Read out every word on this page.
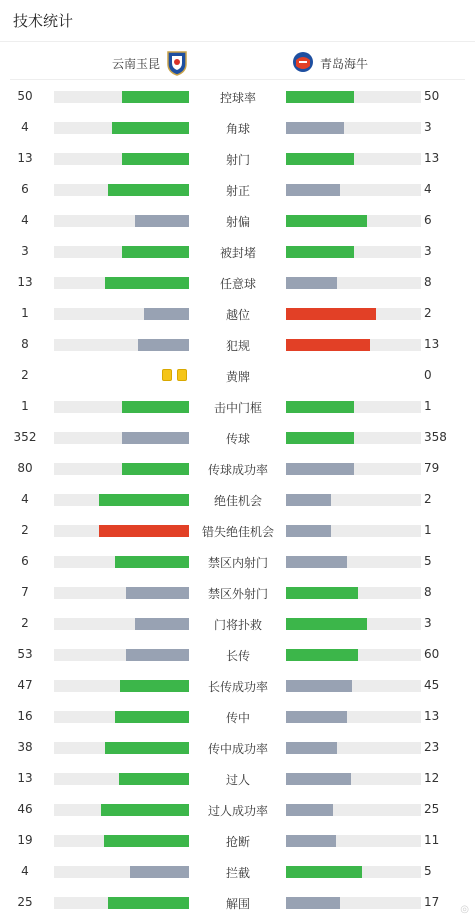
技术统计
云南玉昆	青岛海牛
50	控球率	50
4	角球	3
13	射门	13
6	射正	4
4	射偏	6
3	被封堵	3
13	任意球	8
1	越位	2
8	犯规	13
2	黄牌	0
1	击中门框	1
352	传球	358
80	传球成功率	79
4	绝佳机会	2
2	错失绝佳机会	1
6	禁区内射门	5
7	禁区外射门	8
2	门将扑救	3
53	长传	60
47	长传成功率	45
16	传中	13
38	传中成功率	23
13	过人	12
46	过人成功率	25
19	抢断	11
4	拦截	5
25	解围	17
◎
